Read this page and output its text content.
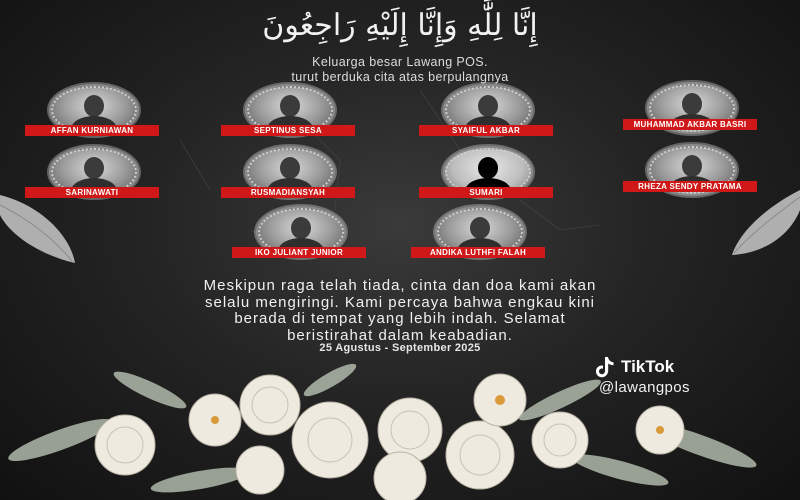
إِنَّا لِلَّٰهِ وَإِنَّا إِلَيْهِ رَاجِعُونَ
Keluarga besar Lawang POS.
turut berduka cita atas berpulangnya
AFFAN KURNIAWAN	SEPTINUS SESA	SYAIFUL AKBAR
MUHAMMAD AKBAR BASRI
SARINAWATI	RUSMADIANSYAH	SUMARI
RHEZA SENDY PRATAMA
IKO JULIANT JUNIOR	ANDIKA LUTHFI FALAH
Meskipun raga telah tiada, cinta dan doa kami akan
selalu mengiringi. Kami percaya bahwa engkau kini
berada di tempat yang lebih indah. Selamat
beristirahat dalam keabadian.
25 Agustus - September 2025
TikTok
@lawangpos
